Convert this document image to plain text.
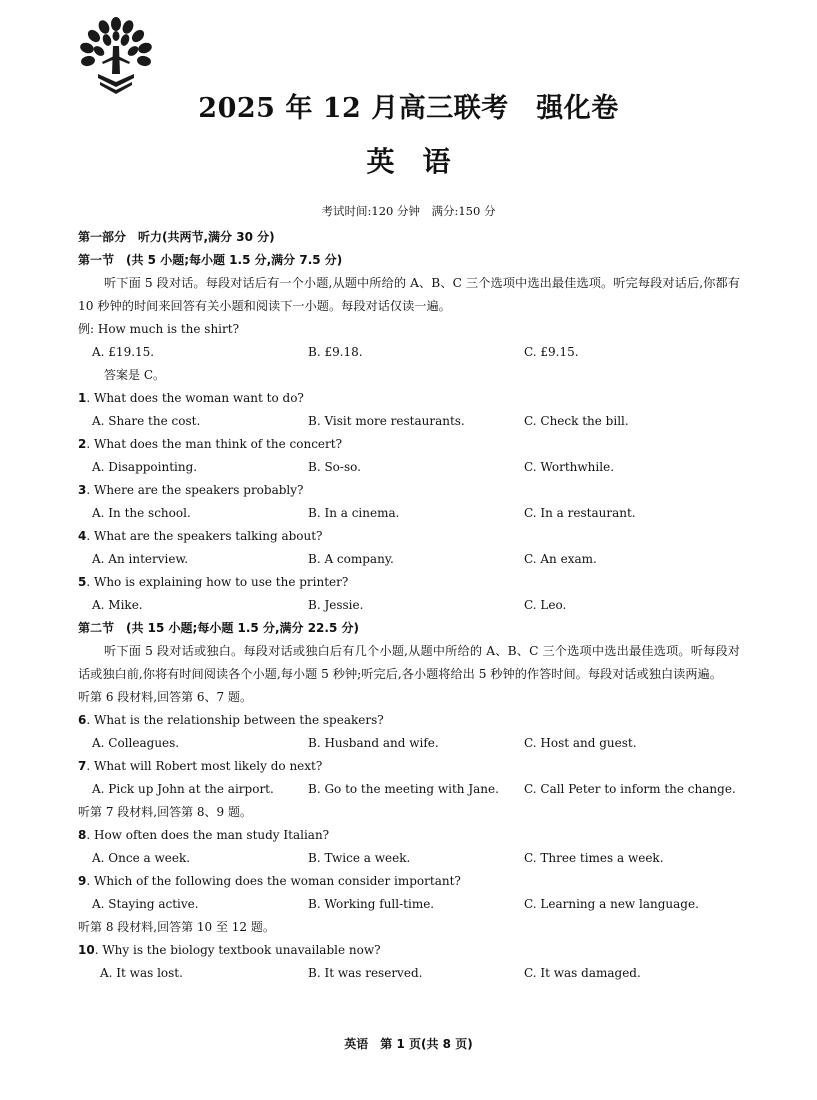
2025 年 12 月高三联考　强化卷
英语
考试时间:120 分钟　满分:150 分
第一部分　听力(共两节,满分 30 分)
第一节　(共 5 小题;每小题 1.5 分,满分 7.5 分)
听下面 5 段对话。每段对话后有一个小题,从题中所给的 A、B、C 三个选项中选出最佳选项。听完每段对话后,你都有 10 秒钟的时间来回答有关小题和阅读下一小题。每段对话仅读一遍。
例: How much is the shirt?
A. £19.15.	B. £9.18.	C. £9.15.
答案是 C。
1. What does the woman want to do?
A. Share the cost.	B. Visit more restaurants.	C. Check the bill.
2. What does the man think of the concert?
A. Disappointing.	B. So-so.	C. Worthwhile.
3. Where are the speakers probably?
A. In the school.	B. In a cinema.	C. In a restaurant.
4. What are the speakers talking about?
A. An interview.	B. A company.	C. An exam.
5. Who is explaining how to use the printer?
A. Mike.	B. Jessie.	C. Leo.
第二节　(共 15 小题;每小题 1.5 分,满分 22.5 分)
听下面 5 段对话或独白。每段对话或独白后有几个小题,从题中所给的 A、B、C 三个选项中选出最佳选项。听每段对话或独白前,你将有时间阅读各个小题,每小题 5 秒钟;听完后,各小题将给出 5 秒钟的作答时间。每段对话或独白读两遍。
听第 6 段材料,回答第 6、7 题。
6. What is the relationship between the speakers?
A. Colleagues.	B. Husband and wife.	C. Host and guest.
7. What will Robert most likely do next?
A. Pick up John at the airport.	B. Go to the meeting with Jane.	C. Call Peter to inform the change.
听第 7 段材料,回答第 8、9 题。
8. How often does the man study Italian?
A. Once a week.	B. Twice a week.	C. Three times a week.
9. Which of the following does the woman consider important?
A. Staying active.	B. Working full-time.	C. Learning a new language.
听第 8 段材料,回答第 10 至 12 题。
10. Why is the biology textbook unavailable now?
A. It was lost.	B. It was reserved.	C. It was damaged.
英语　第 1 页(共 8 页)
